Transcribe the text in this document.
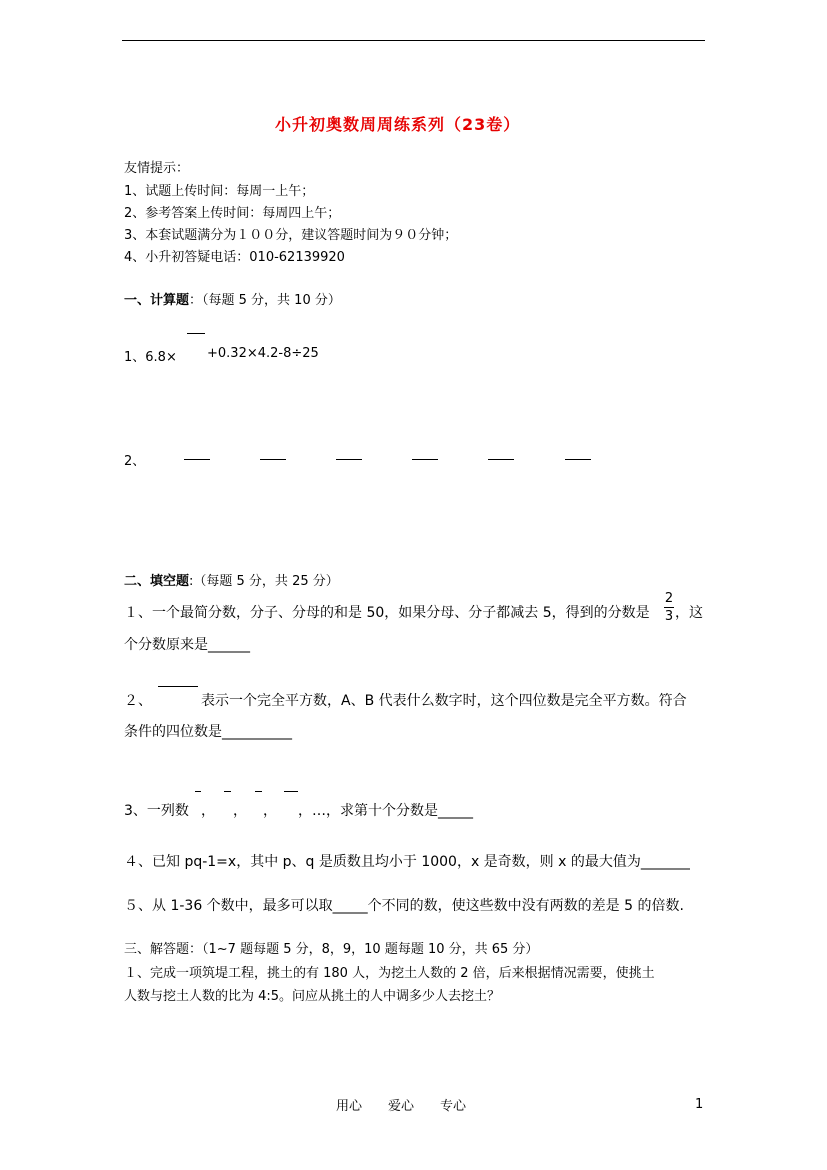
小升初奥数周周练系列（23卷）
友情提示：
1、试题上传时间：每周一上午；
2、参考答案上传时间：每周四上午；
3、本套试题满分为１００分，建议答题时间为９０分钟；
4、小升初答疑电话：010-62139920
一、计算题：（每题 5 分，共 10 分）
1、6.8× +0.32×4.2-8÷25
2、
二、填空题:（每题 5 分，共 25 分）
１、一个最简分数，分子、分母的和是 50，如果分母、分子都减去 5，得到的分数是
2
3 ，这
个分数原来是______
２、	表示一个完全平方数，A、B 代表什么数字时，这个四位数是完全平方数。符合
条件的四位数是__________
3、一列数 ， ， ， ，…，求第十个分数是_____
４、已知 pq-1=x，其中 p、q 是质数且均小于 1000，x 是奇数，则 x 的最大值为_______
５、从 1-36 个数中，最多可以取_____个不同的数，使这些数中没有两数的差是 5 的倍数.
三、解答题：（1~7 题每题 5 分，8，9，10 题每题 10 分，共 65 分）
１、完成一项筑堤工程，挑土的有 180 人，为挖土人数的 2 倍，后来根据情况需要，使挑土
人数与挖土人数的比为 4:5。问应从挑土的人中调多少人去挖土？
用心 爱心 专心	1
